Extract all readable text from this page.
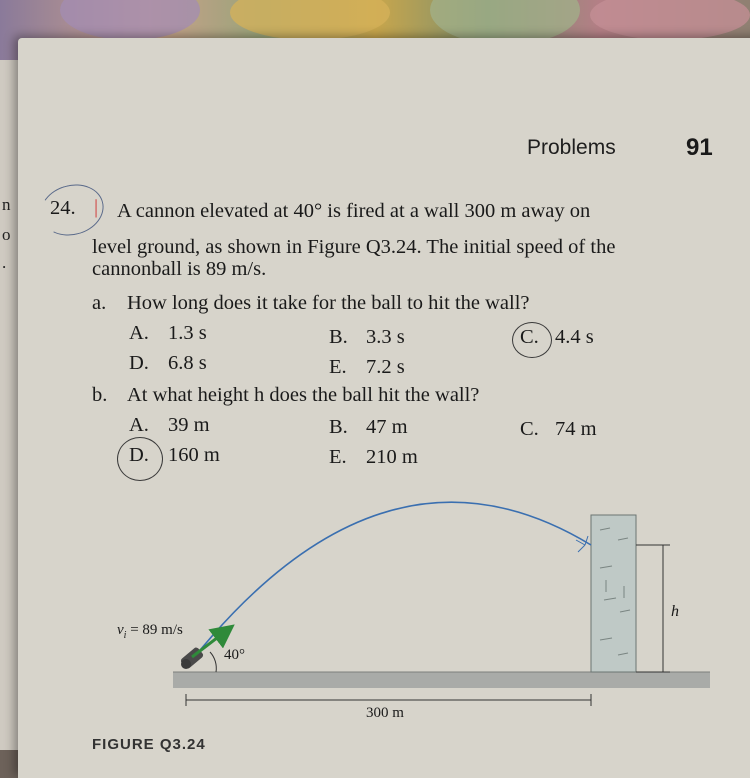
n
o
.
Problems	91
24. | A cannon elevated at 40° is fired at a wall 300 m away on
level ground, as shown in Figure Q3.24. The initial speed of the
cannonball is 89 m/s.
a. How long does it take for the ball to hit the wall?
A. 1.3 s	B. 3.3 s	C. 4.4 s
D. 6.8 s	E. 7.2 s
b. At what height h does the ball hit the wall?
A. 39 m	B. 47 m	C. 74 m
D. 160 m	E. 210 m
$v_i = 89$ m/s
40°
300 m
h
FIGURE Q3.24
